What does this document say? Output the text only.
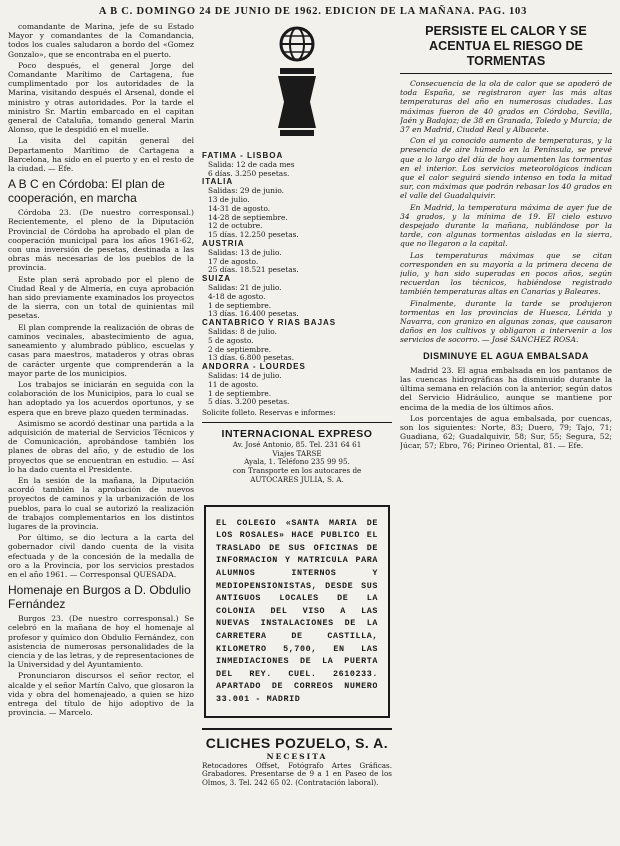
A B C. DOMINGO 24 DE JUNIO DE 1962. EDICION DE LA MAÑANA. PAG. 103

comandante de Marina, jefe de su Estado Mayor y comandantes de la Comandancia, todos los cuales saludaron a bordo del «Gomez Gonzalo», que se encontraba en el puerto.

Poco después, el general Jorge del Comandante Marítimo de Cartagena, fue cumplimentado por los autoridades de la Marina, visitando después el Arsenal, donde el ministro y otras autoridades. Por la tarde el ministro Sr. Martin embarcado en el capitan general de Cataluña, tomando general Marin Alonso, que le despidió en el muelle.

La visita del capitán general del Departamento Marítimo de Cartagena a Barcelona, ha sido en el puerto y en el resto de la ciudad. — Efe.

A B C en Córdoba: El plan de cooperación, en marcha

Córdoba 23. (De nuestro corresponsal.) Recientemente, el pleno de la Diputación Provincial de Córdoba ha aprobado el plan de cooperación municipal para los años 1961-62, con una inversión de pesetas, destinada a las obras más necesarias de los pueblos de la provincia.

Este plan será aprobado por el pleno de Ciudad Real y de Almería, en cuya aprobación han sido previamente examinados los proyectos de la sierra, con un total de quinientas mil pesetas.

El plan comprende la realización de obras de caminos vecinales, abastecimiento de agua, saneamiento y alumbrado público, escuelas y casas para maestros, mataderos y otras obras de carácter urgente que comprenderán a la mayor parte de los municipios.

Los trabajos se iniciarán en seguida con la colaboración de los Municipios, para lo cual se han adoptado ya los acuerdos oportunos, y se espera que en breve plazo queden terminadas.

Asimismo se acordó destinar una partida a la adquisición de material de Servicios Técnicos y de Comunicación, aprobándose también los planes de obras del año, y de estudio de los proyectos que se encuentran en estudio. — Así lo ha dado cuenta el Presidente.

En la sesión de la mañana, la Diputación acordó también la aprobación de nuevos proyectos de caminos y la urbanización de los pueblos, para lo cual se autorizó la realización de trabajos complementarios en los distintos lugares de la provincia.

Por último, se dio lectura a la carta del gobernador civil dando cuenta de la visita efectuada y de la concesión de la medalla de oro a la Provincia, por los servicios prestados en el año 1961. — Corresponsal QUESADA.

Homenaje en Burgos a D. Obdulio Fernández

Burgos 23. (De nuestro corresponsal.) Se celebró en la mañana de hoy el homenaje al profesor y químico don Obdulio Fernández, con asistencia de numerosas personalidades de la ciencia y de las letras, y de representaciones de la Universidad y del Ayuntamiento.

Pronunciaron discursos el señor rector, el alcalde y el señor Martín Calvo, que glosaron la vida y obra del homenajeado, a quien se hizo entrega del título de hijo adoptivo de la provincia. — Marcelo.

FATIMA - LISBOA
Salida: 12 de cada mes
6 días. 3.250 pesetas.
ITALIA
Salidas: 29 de junio.
13 de julio.
14-31 de agosto.
14-28 de septiembre.
12 de octubre.
15 días. 12.250 pesetas.
AUSTRIA
Salidas: 13 de julio.
17 de agosto.
25 días. 18.521 pesetas.
SUIZA
Salidas: 21 de julio.
4-18 de agosto.
1 de septiembre.
13 días. 16.400 pesetas.
CANTABRICO Y RIAS BAJAS
Salidas: 8 de julio.
5 de agosto.
2 de septiembre.
13 días. 6.800 pesetas.
ANDORRA - LOURDES
Salidas: 14 de julio.
11 de agosto.
1 de septiembre.
5 días. 3.200 pesetas.
Solicite folleto. Reservas e informes:
INTERNACIONAL EXPRESO
Av. José Antonio, 85. Tel. 231 64 61
Viajes TARSE
Ayala, 1. Teléfono 235 99 95.
con Transporte en los autocares de
AUTOCARES JULIA, S. A.
EL COLEGIO «SANTA MARIA DE LOS ROSALES» HACE PUBLICO EL TRASLADO DE SUS OFICINAS DE INFORMACION Y MATRICULA PARA ALUMNOS INTERNOS Y MEDIOPENSIONISTAS, DESDE SUS ANTIGUOS LOCALES DE LA COLONIA DEL VISO A LAS NUEVAS INSTALACIONES DE LA CARRETERA DE CASTILLA, KILOMETRO 5,700, EN LAS INMEDIACIONES DE LA PUERTA DEL REY. CUEL. 2610233. APARTADO DE CORREOS NUMERO 33.001 - MADRID
CLICHES POZUELO, S. A.
NECESITA
Retocadores Offset, Fotógrafo Artes Gráficas. Grabadores. Presentarse de 9 a 1 en Paseo de los Olmos, 3. Tel. 242 65 02. (Contratación laboral).
PERSISTE EL CALOR Y SE ACENTUA EL RIESGO DE TORMENTAS

Consecuencia de la ola de calor que se apoderó de toda España, se registraron ayer las más altas temperaturas del año en numerosas ciudades. Las máximas fueron de 40 grados en Córdoba, Sevilla, Jaén y Badajoz; de 38 en Granada, Toledo y Murcia; de 37 en Madrid, Ciudad Real y Albacete.

Con el ya conocido aumento de temperaturas, y la presencia de aire húmedo en la Península, se prevé que a lo largo del día de hoy aumenten las tormentas en el interior. Los servicios meteorológicos indican que el calor seguirá siendo intenso en toda la mitad sur, con máximas que podrán rebasar los 40 grados en el valle del Guadalquivir.

En Madrid, la temperatura máxima de ayer fue de 34 grados, y la mínima de 19. El cielo estuvo despejado durante la mañana, nublándose por la tarde, con algunas tormentas aisladas en la sierra, que no llegaron a la capital.

Las temperaturas máximas que se citan corresponden en su mayoría a la primera decena de julio, y han sido superadas en pocos años, según recuerdan los técnicos, habiéndose registrado también temperaturas altas en Canarias y Baleares.

Finalmente, durante la tarde se produjeron tormentas en las provincias de Huesca, Lérida y Navarra, con granizo en algunas zonas, que causaron daños en los cultivos y obligaron a intervenir a los servicios de socorro. — José SANCHEZ ROSA.

DISMINUYE EL AGUA EMBALSADA

Madrid 23. El agua embalsada en los pantanos de las cuencas hidrográficas ha disminuido durante la última semana en relación con la anterior, según datos del Servicio Hidráulico, aunque se mantiene por encima de la media de los últimos años.

Los porcentajes de agua embalsada, por cuencas, son los siguientes: Norte, 83; Duero, 79; Tajo, 71; Guadiana, 62; Guadalquivir, 58; Sur, 55; Segura, 52; Júcar, 57; Ebro, 76; Pirineo Oriental, 81. — Efe.
